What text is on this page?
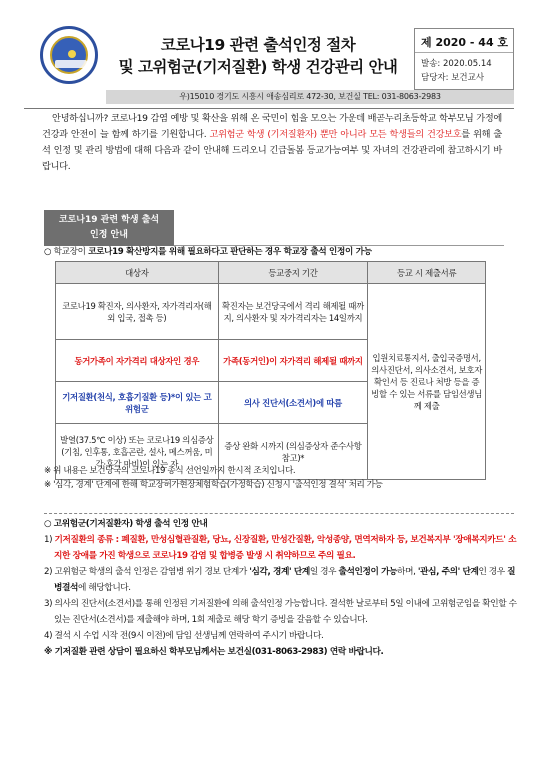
코로나19 관련 출석인정 절차
및 고위험군(기저질환) 학생 건강관리 안내
제 2020 - 44 호
발송: 2020.05.14
담당자: 보건교사
우)15010 경기도 시흥시 애송심리로 472-30, 보건실 TEL: 031-8063-2983
안녕하십니까? 코로나19 감염 예방 및 확산을 위해 온 국민이 힘을 모으는 가운데 배곧누리초등학교 학부모님 가정에 건강과 안전이 늘 함께 하기를 기원합니다. 고위험군 학생 (기저질환자) 뿐만 아니라 모든 학생들의 건강보호를 위해 출석 인정 및 관리 방법에 대해 다음과 같이 안내해 드리오니 긴급돌봄 등교가능여부 및 자녀의 건강관리에 참고하시기 바랍니다.
코로나19 관련 학생 출석
인정 안내
○ 학교장이 코로나19 확산방지를 위해 필요하다고 판단하는 경우 학교장 출석 인정이 가능
대상자	등교중지 기간	등교 시 제출서류
코로나19 확진자, 의사환자, 자가격리자(해외 입국, 접촉 등)	확진자는 보건당국에서 격리 해제될 때까지, 의사환자 및 자가격리자는 14일까지	입원치료통지서, 출입국증명서, 의사진단서, 의사소견서, 보호자 확인서 등 진료나 처방 등을 증빙할 수 있는 서류를 담임선생님께 제출
동거가족이 자가격리 대상자인 경우	가족(동거인)이 자가격리 해제될 때까지	
기저질환(천식, 호흡기질환 등)*이 있는 고위험군	의사 진단서(소견서)에 따름	
발열(37.5℃ 이상) 또는 코로나19 의심증상(기침, 인후통, 호흡곤란, 설사, 메스꺼움, 미각·후각 마비)이 있는 자	증상 완화 시까지 (의심증상자 준수사항 참고)*	
※ 위 내용은 보건당국의 코로나19 종식 선언일까지 한시적 조치입니다.
※ '심각, 경계' 단계에 한해 학교장허가현장체험학습(가정학습) 신청시 '출석인정 결석' 처리 가능
○ 고위험군(기저질환자) 학생 출석 인정 안내
1) 기저질환의 종류 : 폐질환, 만성심혈관질환, 당뇨, 신장질환, 만성간질환, 악성종양, 면역저하자 등, 보건복지부 '장애복지카드' 소지한 장애를 가진 학생으로 코로나19 감염 및 합병증 발생 시 취약하므로 주의 필요.
2) 고위험군 학생의 출석 인정은 감염병 위기 경보 단계가 '심각, 경계' 단계일 경우 출석인정이 가능하며, '관심, 주의' 단계인 경우 질병결석에 해당합니다.
3) 의사의 진단서(소견서)를 통해 인정된 기저질환에 의해 출석인정 가능합니다. 결석한 날로부터 5일 이내에 고위험군임을 확인할 수 있는 진단서(소견서)를 제출해야 하며, 1회 제출로 해당 학기 증빙을 갈음할 수 있습니다.
4) 결석 시 수업 시작 전(9시 이전)에 담임 선생님께 연락하여 주시기 바랍니다.
※ 기저질환 관련 상담이 필요하신 학부모님께서는 보건실(031-8063-2983) 연락 바랍니다.
